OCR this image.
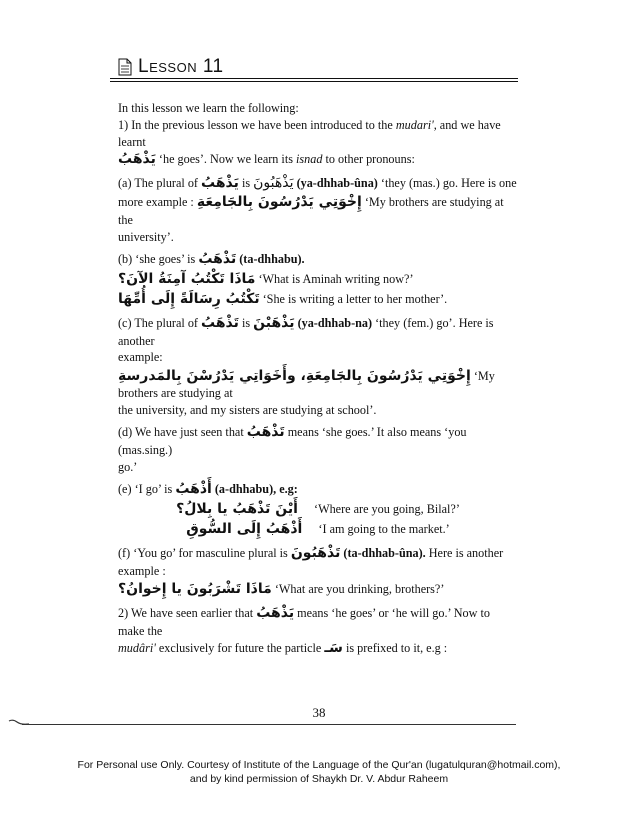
Lesson 11

In this lesson we learn the following:

1) In the previous lesson we have been introduced to the mudari', and we have learnt
يَذْهَبُ ‘he goes’. Now we learn its isnad to other pronouns:

(a) The plural of يَذْهَبُ is يَذْهَبُونَ (ya-dhhab-ûna) ‘they (mas.) go. Here is one
more example : إِخْوَتِي يَدْرُسُونَ بِالجَامِعَةِ ‘My brothers are studying at the
university’.

(b) ‘she goes’ is تَذْهَبُ (ta-dhhabu).

مَاذَا تَكْتُبُ آمِنَةُ الآنَ؟ ‘What is Aminah writing now?’

تَكْتُبُ رِسَالَةً إِلَى أُمِّهَا ‘She is writing a letter to her mother’.

(c) The plural of تَذْهَبُ is يَذْهَبْنَ (ya-dhhab-na) ‘they (fem.) go’. Here is another
example:

إِخْوَتِي يَدْرُسُونَ بِالجَامِعَةِ، وأَخَوَاتِي يَدْرُسْنَ بِالمَدرسةِ ‘My brothers are studying at
the university, and my sisters are studying at school’.

(d) We have just seen that تَذْهَبُ means ‘she goes.’ It also means ‘you (mas.sing.)
go.’

(e) ‘I go’ is أَذْهَبُ (a-dhhabu), e.g:

أَيْنَ تَذْهَبُ يا بِلالُ؟ ‘Where are you going, Bilal?’

أَذْهَبُ إِلَى السُّوقِ ‘I am going to the market.’

(f) ‘You go’ for masculine plural is تَذْهَبُونَ (ta-dhhab-ûna). Here is another
example :

مَاذَا تَشْرَبُونَ يا إِخوانُ؟ ‘What are you drinking, brothers?’

2) We have seen earlier that يَذْهَبُ means ‘he goes’ or ‘he will go.’ Now to make the
mudâri' exclusively for future the particle سَـ is prefixed to it, e.g :

38
For Personal use Only. Courtesy of Institute of the Language of the Qur'an (lugatulquran@hotmail.com),
and by kind permission of Shaykh Dr. V. Abdur Raheem
